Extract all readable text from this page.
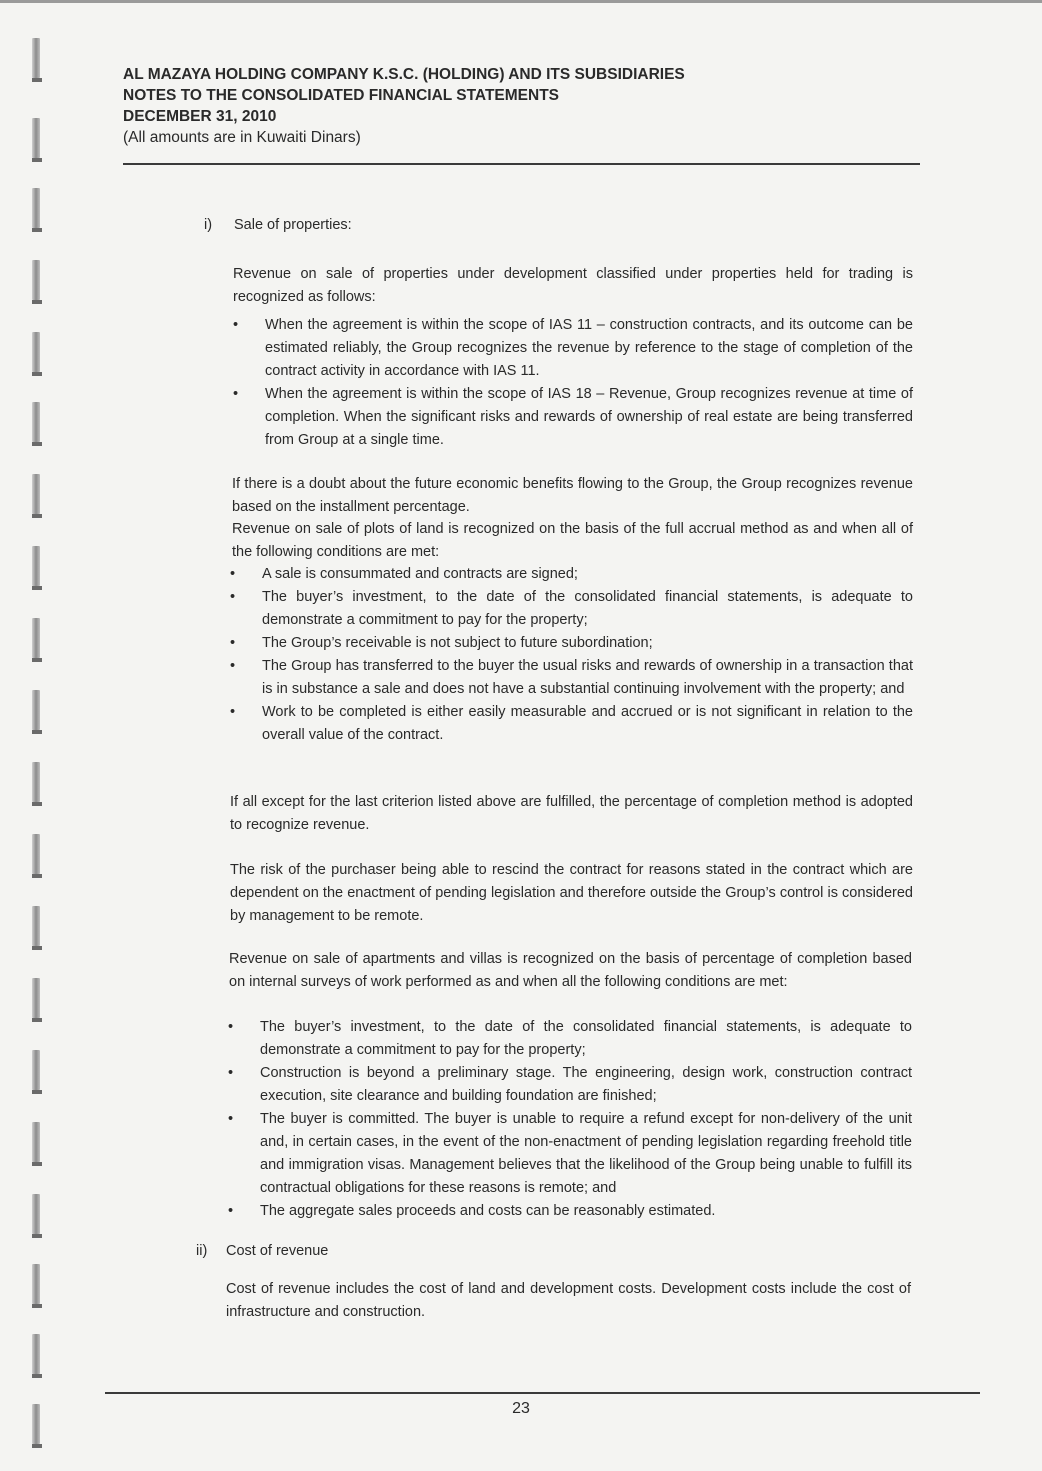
AL MAZAYA HOLDING COMPANY K.S.C. (HOLDING) AND ITS SUBSIDIARIES
NOTES TO THE CONSOLIDATED FINANCIAL STATEMENTS
DECEMBER 31, 2010
(All amounts are in Kuwaiti Dinars)
i) Sale of properties:
Revenue on sale of properties under development classified under properties held for trading is recognized as follows:
• When the agreement is within the scope of IAS 11 – construction contracts, and its outcome can be estimated reliably, the Group recognizes the revenue by reference to the stage of completion of the contract activity in accordance with IAS 11.
• When the agreement is within the scope of IAS 18 – Revenue, Group recognizes revenue at time of completion. When the significant risks and rewards of ownership of real estate are being transferred from Group at a single time.
If there is a doubt about the future economic benefits flowing to the Group, the Group recognizes revenue based on the installment percentage.
Revenue on sale of plots of land is recognized on the basis of the full accrual method as and when all of the following conditions are met:
• A sale is consummated and contracts are signed;
• The buyer’s investment, to the date of the consolidated financial statements, is adequate to demonstrate a commitment to pay for the property;
• The Group’s receivable is not subject to future subordination;
• The Group has transferred to the buyer the usual risks and rewards of ownership in a transaction that is in substance a sale and does not have a substantial continuing involvement with the property; and
• Work to be completed is either easily measurable and accrued or is not significant in relation to the overall value of the contract.
If all except for the last criterion listed above are fulfilled, the percentage of completion method is adopted to recognize revenue.
The risk of the purchaser being able to rescind the contract for reasons stated in the contract which are dependent on the enactment of pending legislation and therefore outside the Group’s control is considered by management to be remote.
Revenue on sale of apartments and villas is recognized on the basis of percentage of completion based on internal surveys of work performed as and when all the following conditions are met:
• The buyer’s investment, to the date of the consolidated financial statements, is adequate to demonstrate a commitment to pay for the property;
• Construction is beyond a preliminary stage. The engineering, design work, construction contract execution, site clearance and building foundation are finished;
• The buyer is committed. The buyer is unable to require a refund except for non-delivery of the unit and, in certain cases, in the event of the non-enactment of pending legislation regarding freehold title and immigration visas. Management believes that the likelihood of the Group being unable to fulfill its contractual obligations for these reasons is remote; and
• The aggregate sales proceeds and costs can be reasonably estimated.
ii) Cost of revenue
Cost of revenue includes the cost of land and development costs. Development costs include the cost of infrastructure and construction.
23
